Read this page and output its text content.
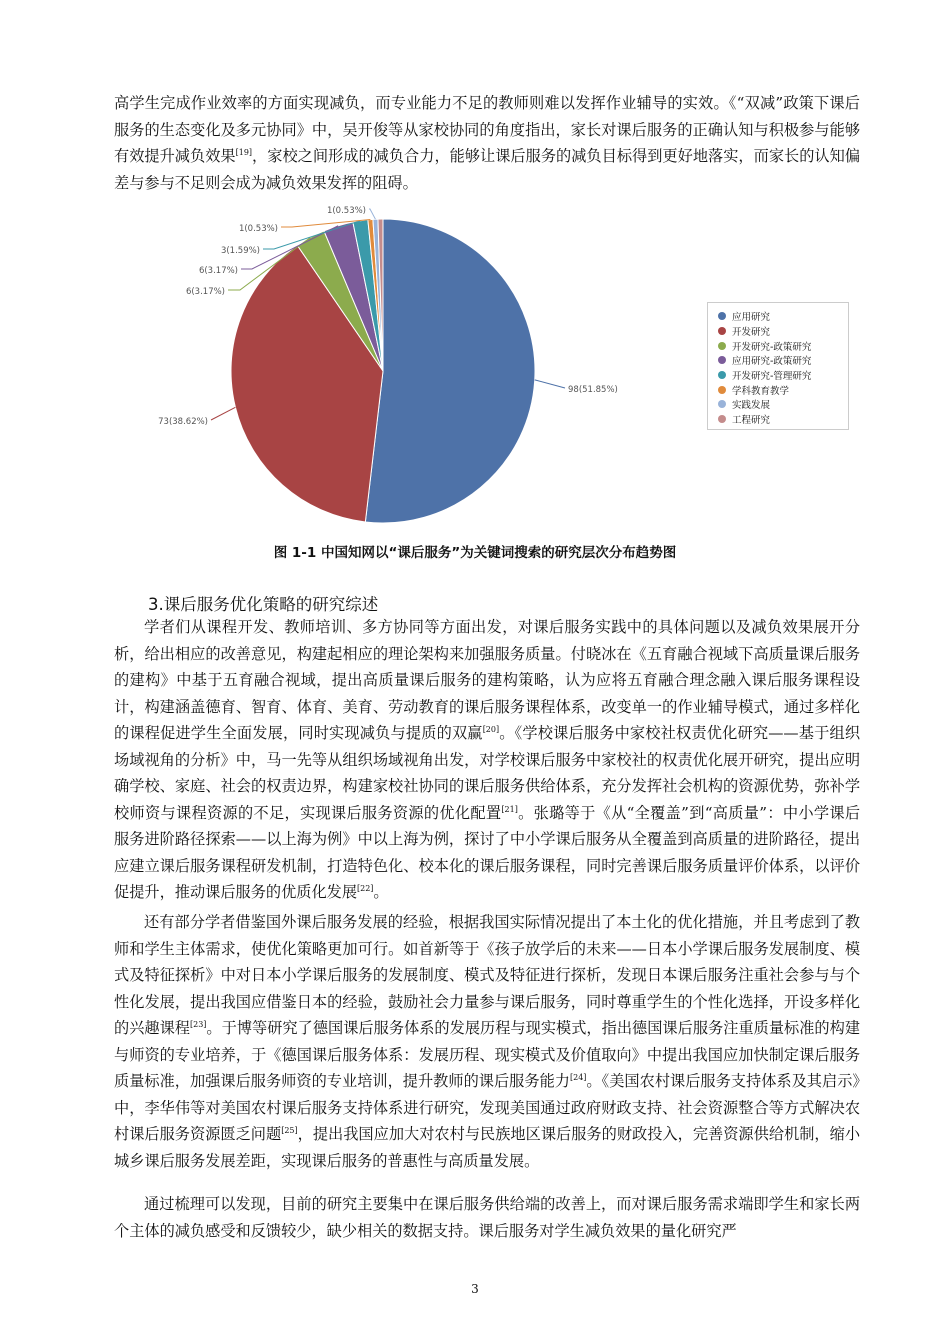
高学生完成作业效率的方面实现减负，而专业能力不足的教师则难以发挥作业辅导的实效。《“双减”政策下课后服务的生态变化及多元协同》中，吴开俊等从家校协同的角度指出，家长对课后服务的正确认知与积极参与能够有效提升减负效果[19]，家校之间形成的减负合力，能够让课后服务的减负目标得到更好地落实，而家长的认知偏差与参与不足则会成为减负效果发挥的阻碍。

98(51.85%)
73(38.62%)
6(3.17%)
6(3.17%)
3(1.59%)
1(0.53%)
1(0.53%)
应用研究
开发研究
开发研究-政策研究
应用研究-政策研究
开发研究-管理研究
学科教育教学
实践发展
工程研究
图 1-1 中国知网以“课后服务”为关键词搜索的研究层次分布趋势图
3.课后服务优化策略的研究综述

学者们从课程开发、教师培训、多方协同等方面出发，对课后服务实践中的具体问题以及减负效果展开分析，给出相应的改善意见，构建起相应的理论架构来加强服务质量。付晓冰在《五育融合视域下高质量课后服务的建构》中基于五育融合视域，提出高质量课后服务的建构策略，认为应将五育融合理念融入课后服务课程设计，构建涵盖德育、智育、体育、美育、劳动教育的课后服务课程体系，改变单一的作业辅导模式，通过多样化的课程促进学生全面发展，同时实现减负与提质的双赢[20]。《学校课后服务中家校社权责优化研究——基于组织场域视角的分析》中，马一先等从组织场域视角出发，对学校课后服务中家校社的权责优化展开研究，提出应明确学校、家庭、社会的权责边界，构建家校社协同的课后服务供给体系，充分发挥社会机构的资源优势，弥补学校师资与课程资源的不足，实现课后服务资源的优化配置[21]。张璐等于《从“全覆盖”到“高质量”：中小学课后服务进阶路径探索——以上海为例》中以上海为例，探讨了中小学课后服务从全覆盖到高质量的进阶路径，提出应建立课后服务课程研发机制，打造特色化、校本化的课后服务课程，同时完善课后服务质量评价体系，以评价促提升，推动课后服务的优质化发展[22]。

还有部分学者借鉴国外课后服务发展的经验，根据我国实际情况提出了本土化的优化措施，并且考虑到了教师和学生主体需求，使优化策略更加可行。如首新等于《孩子放学后的未来——日本小学课后服务发展制度、模式及特征探析》中对日本小学课后服务的发展制度、模式及特征进行探析，发现日本课后服务注重社会参与与个性化发展，提出我国应借鉴日本的经验，鼓励社会力量参与课后服务，同时尊重学生的个性化选择，开设多样化的兴趣课程[23]。于博等研究了德国课后服务体系的发展历程与现实模式，指出德国课后服务注重质量标准的构建与师资的专业培养，于《德国课后服务体系：发展历程、现实模式及价值取向》中提出我国应加快制定课后服务质量标准，加强课后服务师资的专业培训，提升教师的课后服务能力[24]。《美国农村课后服务支持体系及其启示》中，李华伟等对美国农村课后服务支持体系进行研究，发现美国通过政府财政支持、社会资源整合等方式解决农村课后服务资源匮乏问题[25]，提出我国应加大对农村与民族地区课后服务的财政投入，完善资源供给机制，缩小城乡课后服务发展差距，实现课后服务的普惠性与高质量发展。

通过梳理可以发现，目前的研究主要集中在课后服务供给端的改善上，而对课后服务需求端即学生和家长两个主体的减负感受和反馈较少，缺少相关的数据支持。课后服务对学生减负效果的量化研究严

3
